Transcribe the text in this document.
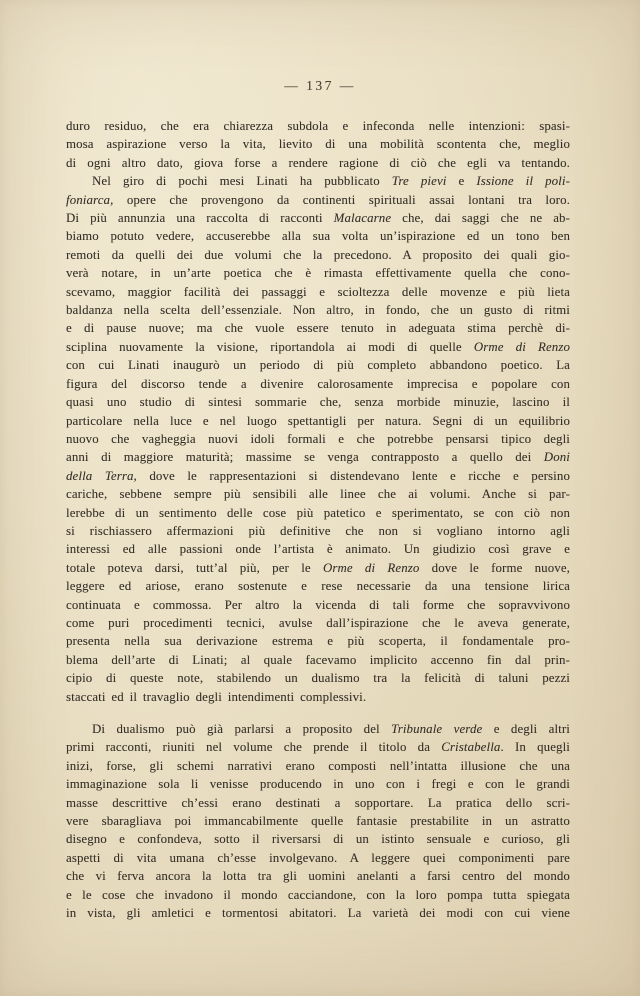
— 137 —
duro residuo, che era chiarezza subdola e infeconda nelle intenzioni: spasi-
mosa aspirazione verso la vita, lievito di una mobilità scontenta che, meglio
di ogni altro dato, giova forse a rendere ragione di ciò che egli va tentando.
Nel giro di pochi mesi Linati ha pubblicato Tre pievi e Issione il poli-
foniarca, opere che provengono da continenti spirituali assai lontani tra loro.
Di più annunzia una raccolta di racconti Malacarne che, dai saggi che ne ab-
biamo potuto vedere, accuserebbe alla sua volta un’ispirazione ed un tono ben
remoti da quelli dei due volumi che la precedono. A proposito dei quali gio-
verà notare, in un’arte poetica che è rimasta effettivamente quella che cono-
scevamo, maggior facilità dei passaggi e scioltezza delle movenze e più lieta
baldanza nella scelta dell’essenziale. Non altro, in fondo, che un gusto di ritmi
e di pause nuove; ma che vuole essere tenuto in adeguata stima perchè di-
sciplina nuovamente la visione, riportandola ai modi di quelle Orme di Renzo
con cui Linati inaugurò un periodo di più completo abbandono poetico. La
figura del discorso tende a divenire calorosamente imprecisa e popolare con
quasi uno studio di sintesi sommarie che, senza morbide minuzie, lascino il
particolare nella luce e nel luogo spettantigli per natura. Segni di un equilibrio
nuovo che vagheggia nuovi idoli formali e che potrebbe pensarsi tipico degli
anni di maggiore maturità; massime se venga contrapposto a quello dei Doni
della Terra, dove le rappresentazioni si distendevano lente e ricche e persino
cariche, sebbene sempre più sensibili alle linee che ai volumi. Anche si par-
lerebbe di un sentimento delle cose più patetico e sperimentato, se con ciò non
si rischiassero affermazioni più definitive che non si vogliano intorno agli
interessi ed alle passioni onde l’artista è animato. Un giudizio così grave e
totale poteva darsi, tutt’al più, per le Orme di Renzo dove le forme nuove,
leggere ed ariose, erano sostenute e rese necessarie da una tensione lirica
continuata e commossa. Per altro la vicenda di tali forme che sopravvivono
come puri procedimenti tecnici, avulse dall’ispirazione che le aveva generate,
presenta nella sua derivazione estrema e più scoperta, il fondamentale pro-
blema dell’arte di Linati; al quale facevamo implicito accenno fin dal prin-
cipio di queste note, stabilendo un dualismo tra la felicità di taluni pezzi
staccati ed il travaglio degli intendimenti complessivi.
Di dualismo può già parlarsi a proposito del Tribunale verde e degli altri
primi racconti, riuniti nel volume che prende il titolo da Cristabella. In quegli
inizi, forse, gli schemi narrativi erano composti nell’intatta illusione che una
immaginazione sola li venisse producendo in uno con i fregi e con le grandi
masse descrittive ch’essi erano destinati a sopportare. La pratica dello scri-
vere sbaragliava poi immancabilmente quelle fantasie prestabilite in un astratto
disegno e confondeva, sotto il riversarsi di un istinto sensuale e curioso, gli
aspetti di vita umana ch’esse involgevano. A leggere quei componimenti pare
che vi ferva ancora la lotta tra gli uomini anelanti a farsi centro del mondo
e le cose che invadono il mondo cacciandone, con la loro pompa tutta spiegata
in vista, gli amletici e tormentosi abitatori. La varietà dei modi con cui viene
